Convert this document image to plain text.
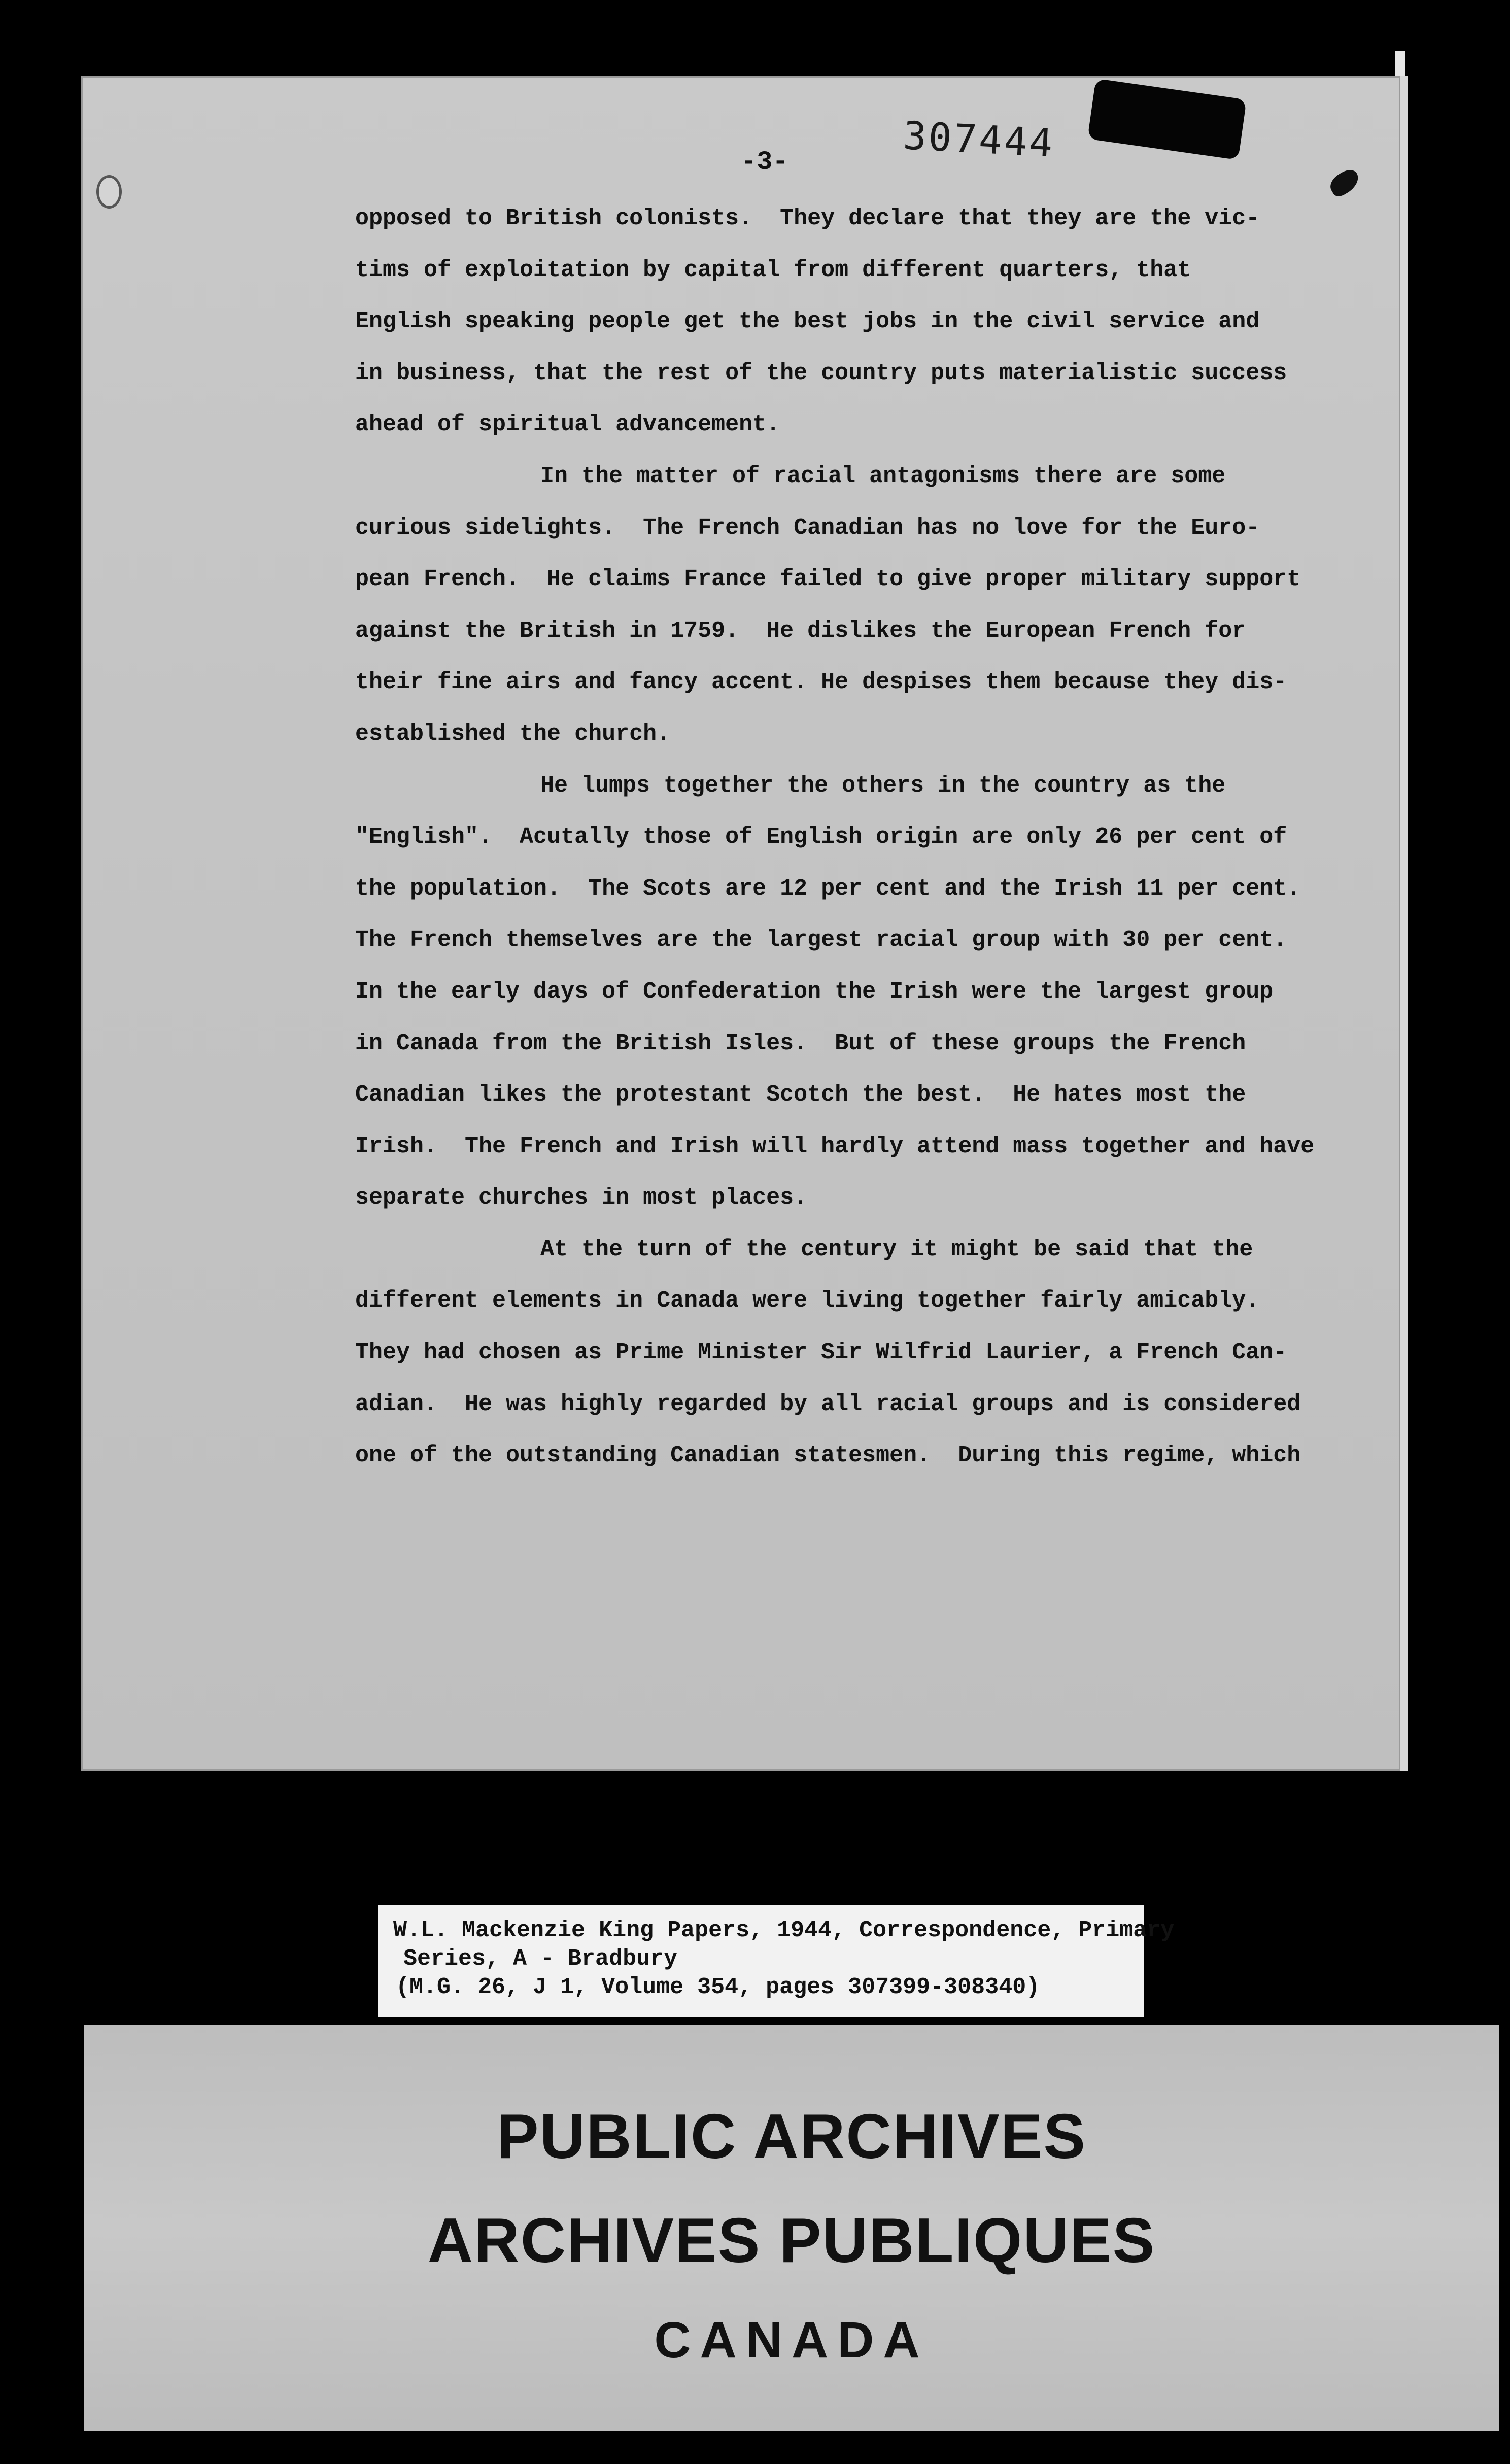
-3-	307444
opposed to British colonists.  They declare that they are the vic-
tims of exploitation by capital from different quarters, that
English speaking people get the best jobs in the civil service and
in business, that the rest of the country puts materialistic success
ahead of spiritual advancement.
In the matter of racial antagonisms there are some
curious sidelights.  The French Canadian has no love for the Euro-
pean French.  He claims France failed to give proper military support
against the British in 1759.  He dislikes the European French for
their fine airs and fancy accent. He despises them because they dis-
established the church.
He lumps together the others in the country as the
"English".  Acutally those of English origin are only 26 per cent of
the population.  The Scots are 12 per cent and the Irish 11 per cent.
The French themselves are the largest racial group with 30 per cent.
In the early days of Confederation the Irish were the largest group
in Canada from the British Isles.  But of these groups the French
Canadian likes the protestant Scotch the best.  He hates most the
Irish.  The French and Irish will hardly attend mass together and have
separate churches in most places.
At the turn of the century it might be said that the
different elements in Canada were living together fairly amicably.
They had chosen as Prime Minister Sir Wilfrid Laurier, a French Can-
adian.  He was highly regarded by all racial groups and is considered
one of the outstanding Canadian statesmen.  During this regime, which
W.L. Mackenzie King Papers, 1944, Correspondence, Primary
Series, A - Bradbury
(M.G. 26, J 1, Volume 354, pages 307399-308340)
PUBLIC ARCHIVES
ARCHIVES PUBLIQUES
CANADA
